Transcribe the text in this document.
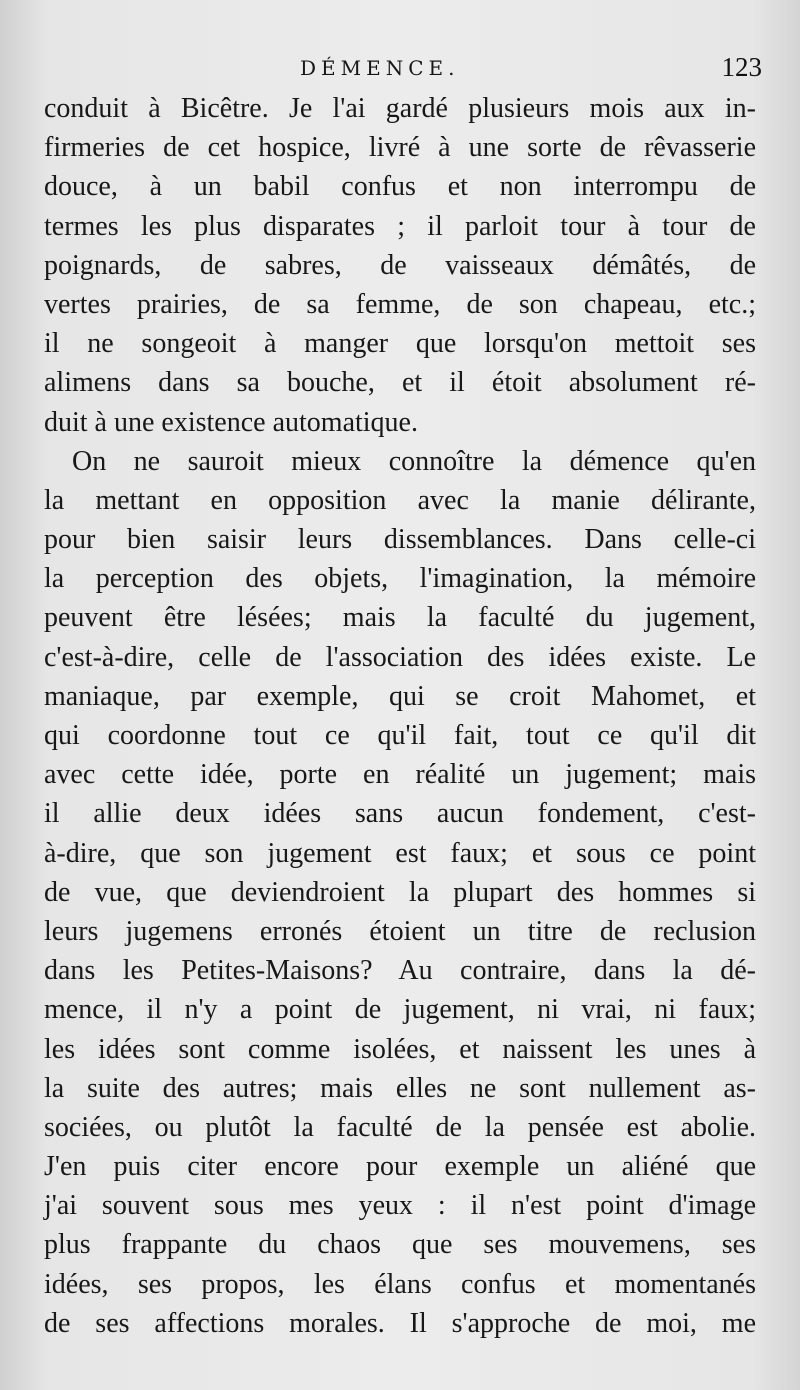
DÉMENCE.	123
conduit à Bicêtre. Je l'ai gardé plusieurs mois aux in-
firmeries de cet hospice, livré à une sorte de rêvasserie
douce, à un babil confus et non interrompu de
termes les plus disparates ; il parloit tour à tour de
poignards, de sabres, de vaisseaux démâtés, de
vertes prairies, de sa femme, de son chapeau, etc.;
il ne songeoit à manger que lorsqu'on mettoit ses
alimens dans sa bouche, et il étoit absolument ré-
duit à une existence automatique.
On ne sauroit mieux connoître la démence qu'en
la mettant en opposition avec la manie délirante,
pour bien saisir leurs dissemblances. Dans celle-ci
la perception des objets, l'imagination, la mémoire
peuvent être lésées; mais la faculté du jugement,
c'est-à-dire, celle de l'association des idées existe. Le
maniaque, par exemple, qui se croit Mahomet, et
qui coordonne tout ce qu'il fait, tout ce qu'il dit
avec cette idée, porte en réalité un jugement; mais
il allie deux idées sans aucun fondement, c'est-
à-dire, que son jugement est faux; et sous ce point
de vue, que deviendroient la plupart des hommes si
leurs jugemens erronés étoient un titre de reclusion
dans les Petites-Maisons? Au contraire, dans la dé-
mence, il n'y a point de jugement, ni vrai, ni faux;
les idées sont comme isolées, et naissent les unes à
la suite des autres; mais elles ne sont nullement as-
sociées, ou plutôt la faculté de la pensée est abolie.
J'en puis citer encore pour exemple un aliéné que
j'ai souvent sous mes yeux : il n'est point d'image
plus frappante du chaos que ses mouvemens, ses
idées, ses propos, les élans confus et momentanés
de ses affections morales. Il s'approche de moi, me
